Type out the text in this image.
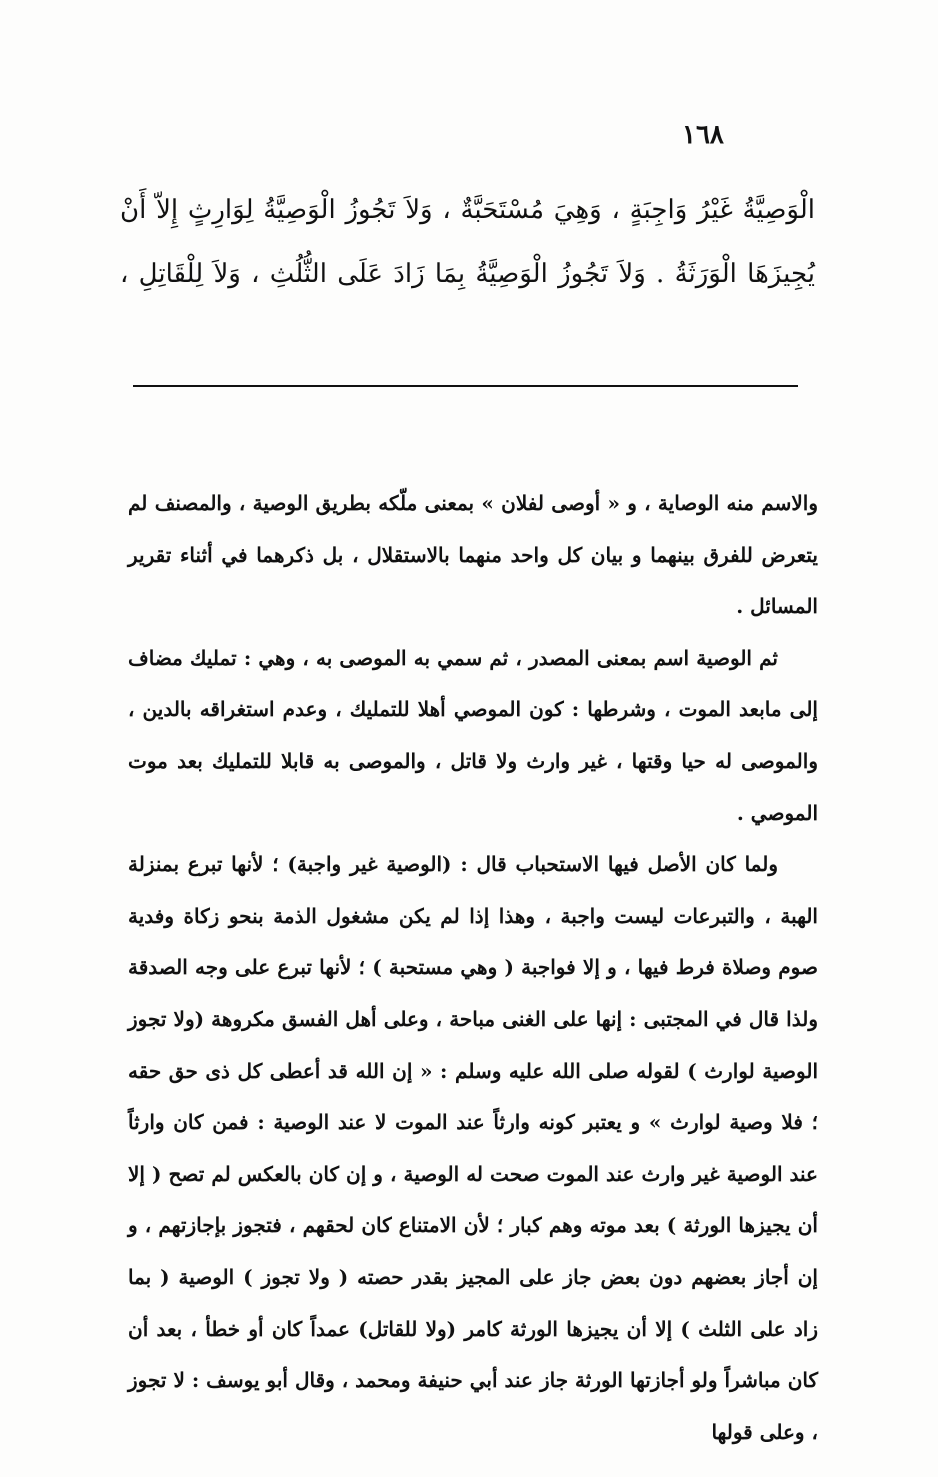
١٦٨

الْوَصِيَّةُ غَيْرُ وَاجِبَةٍ ، وَهِيَ مُسْتَحَبَّةٌ ، وَلاَ تَجُوزُ الْوَصِيَّةُ لِوَارِثٍ إِلاّ أَنْ

يُجِيزَهَا الْوَرَثَةُ . وَلاَ تَجُوزُ الْوَصِيَّةُ بِمَا زَادَ عَلَى الثُّلُثِ ، وَلاَ لِلْقَاتِلِ ،

والاسم منه الوصاية ، و « أوصى لفلان » بمعنى ملّكه بطريق الوصية ، والمصنف لم يتعرض للفرق بينهما و بيان كل واحد منهما بالاستقلال ، بل ذكرهما في أثناء تقرير المسائل .

ثم الوصية اسم بمعنى المصدر ، ثم سمي به الموصى به ، وهي : تمليك مضاف إلى مابعد الموت ، وشرطها : كون الموصي أهلا للتمليك ، وعدم استغراقه بالدين ، والموصى له حيا وقتها ، غير وارث ولا قاتل ، والموصى به قابلا للتمليك بعد موت الموصي .

ولما كان الأصل فيها الاستحباب قال : (الوصية غير واجبة) ؛ لأنها تبرع بمنزلة الهبة ، والتبرعات ليست واجبة ، وهذا إذا لم يكن مشغول الذمة بنحو زكاة وفدية صوم وصلاة فرط فيها ، و إلا فواجبة ( وهي مستحبة ) ؛ لأنها تبرع على وجه الصدقة ولذا قال في المجتبى : إنها على الغنى مباحة ، وعلى أهل الفسق مكروهة (ولا تجوز الوصية لوارث ) لقوله صلى الله عليه وسلم : « إن الله قد أعطى كل ذى حق حقه ؛ فلا وصية لوارث » و يعتبر كونه وارثاً عند الموت لا عند الوصية : فمن كان وارثاً عند الوصية غير وارث عند الموت صحت له الوصية ، و إن كان بالعكس لم تصح ( إلا أن يجيزها الورثة ) بعد موته وهم كبار ؛ لأن الامتناع كان لحقهم ، فتجوز بإجازتهم ، و إن أجاز بعضهم دون بعض جاز على المجيز بقدر حصته ( ولا تجوز ) الوصية ( بما زاد على الثلث ) إلا أن يجيزها الورثة كامر (ولا للقاتل) عمداً كان أو خطأ ، بعد أن كان مباشراً ولو أجازتها الورثة جاز عند أبي حنيفة ومحمد ، وقال أبو يوسف : لا تجوز ، وعلى قولها
